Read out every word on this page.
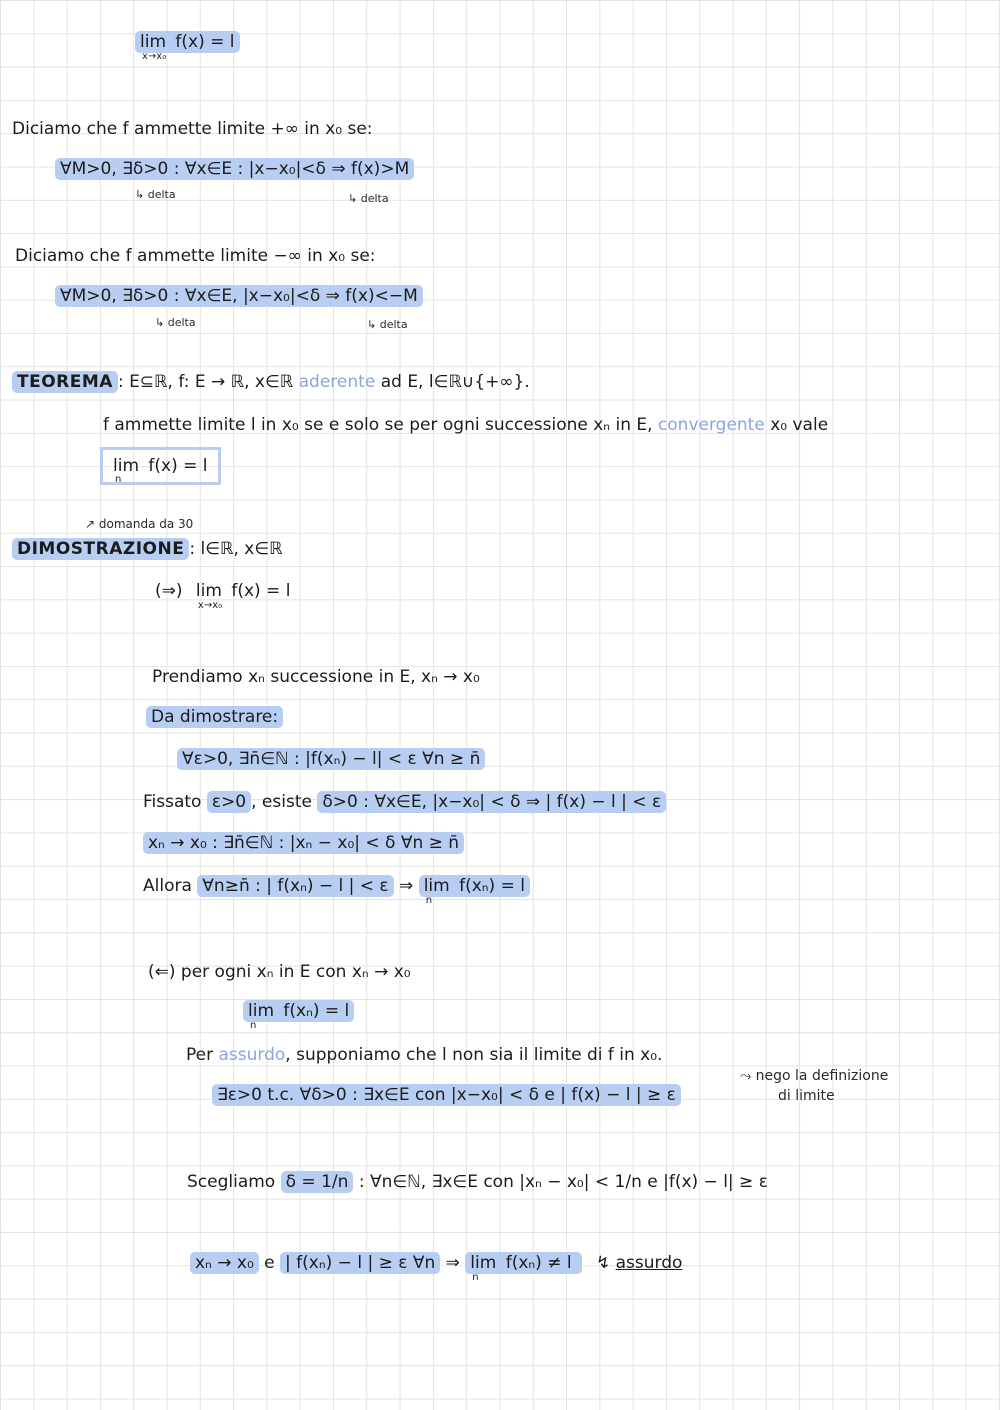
lim
x→x₀
f(x) = l
Diciamo che f ammette limite +∞ in x₀ se:
∀M>0, ∃δ>0 : ∀x∈E : |x−x₀|<δ ⇒ f(x)>M
↳ delta	↳ delta
Diciamo che f ammette limite −∞ in x₀ se:
∀M>0, ∃δ>0 : ∀x∈E, |x−x₀|<δ ⇒ f(x)<−M
↳ delta	↳ delta
TEOREMA : E⊆ℝ, f: E → ℝ, x∈ℝ aderente ad E, l∈ℝ∪{+∞}.
f ammette limite l in x₀ se e solo se per ogni successione xₙ in E, convergente x₀ vale
lim
n
f(x) = l
↗ domanda da 30
DIMOSTRAZIONE : l∈ℝ, x∈ℝ
(⇒) lim
x→x₀
f(x) = l
Prendiamo xₙ successione in E, xₙ → x₀
Da dimostrare:
∀ε>0, ∃n̄∈ℕ : |f(xₙ) − l| < ε ∀n ≥ n̄
Fissato ε>0 , esiste δ>0 : ∀x∈E, |x−x₀| < δ ⇒ | f(x) − l | < ε
xₙ → x₀ : ∃n̄∈ℕ : |xₙ − x₀| < δ ∀n ≥ n̄
Allora ∀n≥n̄ : | f(xₙ) − l | < ε ⇒ lim
n
f(xₙ) = l
(⇐) per ogni xₙ in E con xₙ → x₀
lim
n
f(xₙ) = l
Per assurdo, supponiamo che l non sia il limite di f in x₀.
∃ε>0 t.c. ∀δ>0 : ∃x∈E con |x−x₀| < δ e | f(x) − l | ≥ ε
⤳ nego la definizione
di limite
Scegliamo δ = 1/n : ∀n∈ℕ, ∃x∈E con |xₙ − x₀| < 1/n e |f(x) − l| ≥ ε
xₙ → x₀ e | f(xₙ) − l | ≥ ε ∀n ⇒ lim
n
f(xₙ) ≠ l ↯ assurdo
